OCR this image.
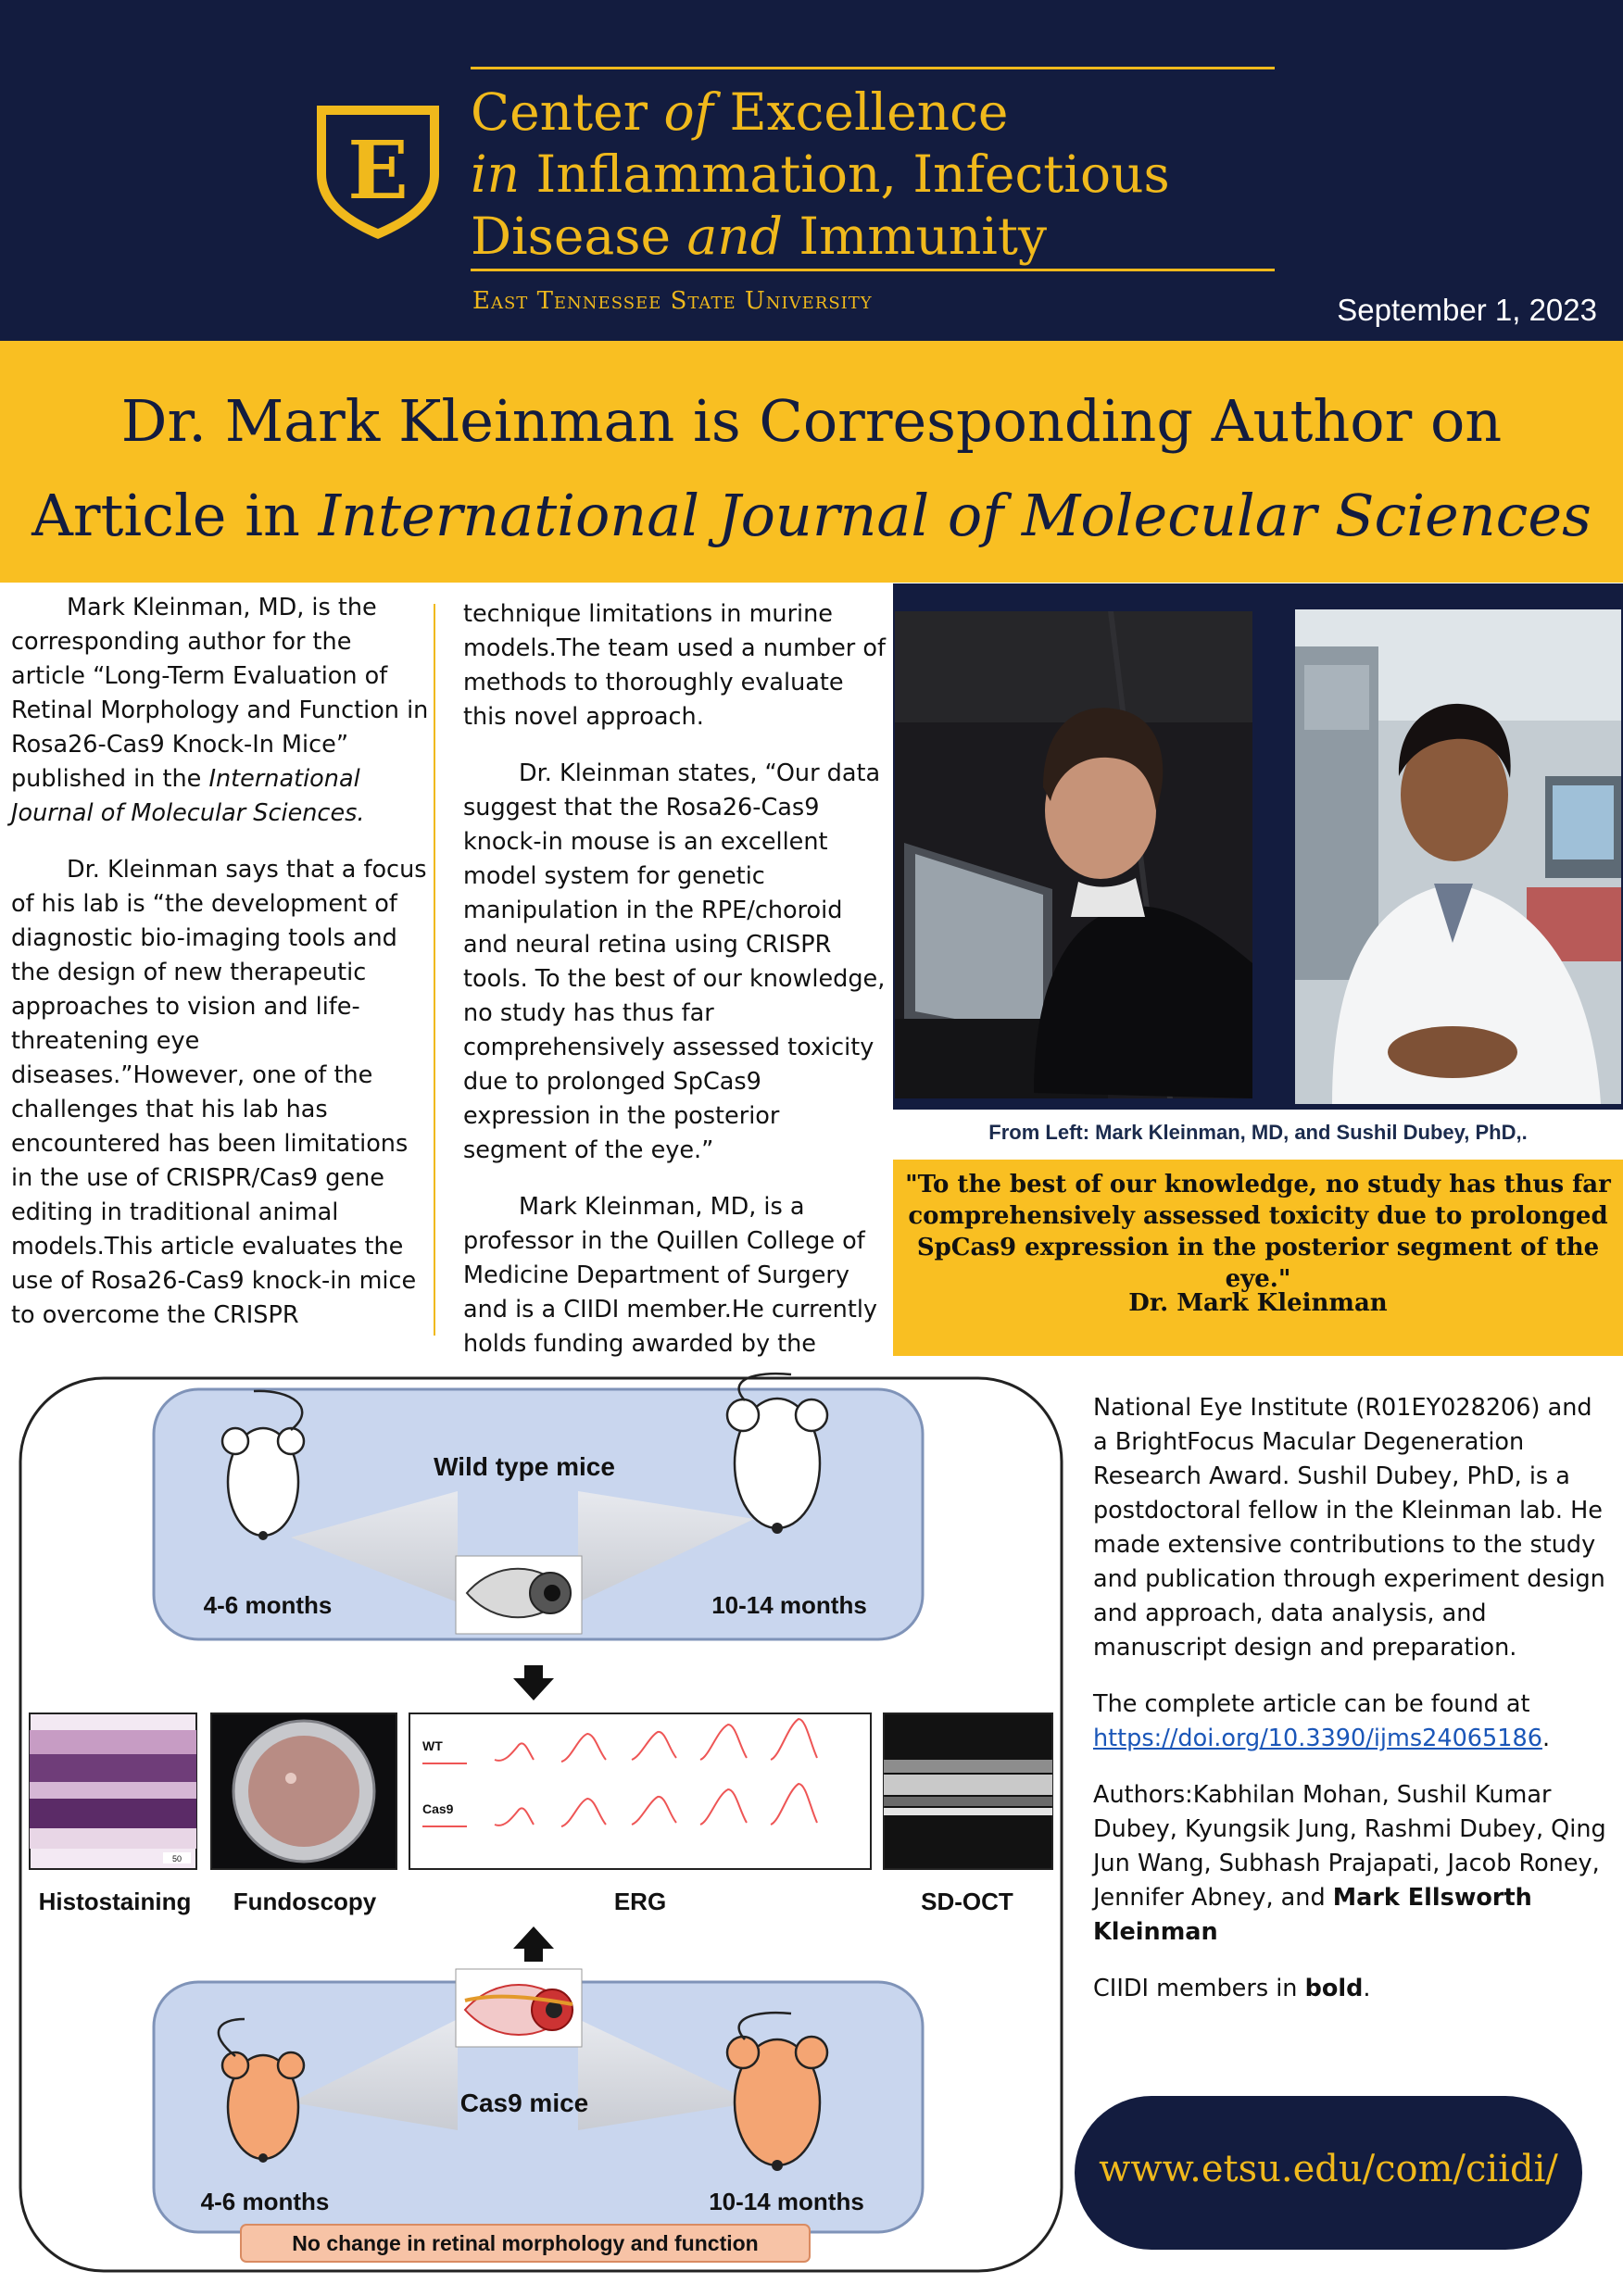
E
Center of Excellence
in Inflammation, Infectious
Disease and Immunity
East Tennessee State University	September 1, 2023
Dr. Mark Kleinman is Corresponding Author on
Article in International Journal of Molecular Sciences

Mark Kleinman, MD, is the corresponding author for the article “Long-Term Evaluation of Retinal Morphology and Function in Rosa26-Cas9 Knock-In Mice” published in the International Journal of Molecular Sciences.

Dr. Kleinman says that a focus of his lab is “the development of diagnostic bio-imaging tools and the design of new therapeutic approaches to vision and life-threatening eye diseases.”However, one of the challenges that his lab has encountered has been limitations in the use of CRISPR/Cas9 gene editing in traditional animal models.This article evaluates the use of Rosa26-Cas9 knock-in mice to overcome the CRISPR

technique limitations in murine models.The team used a number of methods to thoroughly evaluate this novel approach.

Dr. Kleinman states, “Our data suggest that the Rosa26-Cas9 knock-in mouse is an excellent model system for genetic manipulation in the RPE/choroid and neural retina using CRISPR tools. To the best of our knowledge, no study has thus far comprehensively assessed toxicity due to prolonged SpCas9 expression in the posterior segment of the eye.”

Mark Kleinman, MD, is a professor in the Quillen College of Medicine Department of Surgery and is a CIIDI member.He currently holds funding awarded by the

From Left: Mark Kleinman, MD, and Sushil Dubey, PhD,.
"To the best of our knowledge, no study has thus far comprehensively assessed toxicity due to prolonged SpCas9 expression in the posterior segment of the eye."
Dr. Mark Kleinman
Wild type mice
4-6 months	10-14 months
50
WT
Cas9
Histostaining Fundoscopy	ERG	SD-OCT
Cas9 mice
4-6 months	10-14 months
No change in retinal morphology and function

National Eye Institute (R01EY028206) and a BrightFocus Macular Degeneration Research Award. Sushil Dubey, PhD, is a postdoctoral fellow in the Kleinman lab. He made extensive contributions to the study and publication through experiment design and approach, data analysis, and manuscript design and preparation.

The complete article can be found at https://doi.org/10.3390/ijms24065186.

Authors:Kabhilan Mohan, Sushil Kumar Dubey, Kyungsik Jung, Rashmi Dubey, Qing Jun Wang, Subhash Prajapati, Jacob Roney, Jennifer Abney, and Mark Ellsworth Kleinman

CIIDI members in bold.

www.etsu.edu/com/ciidi/
